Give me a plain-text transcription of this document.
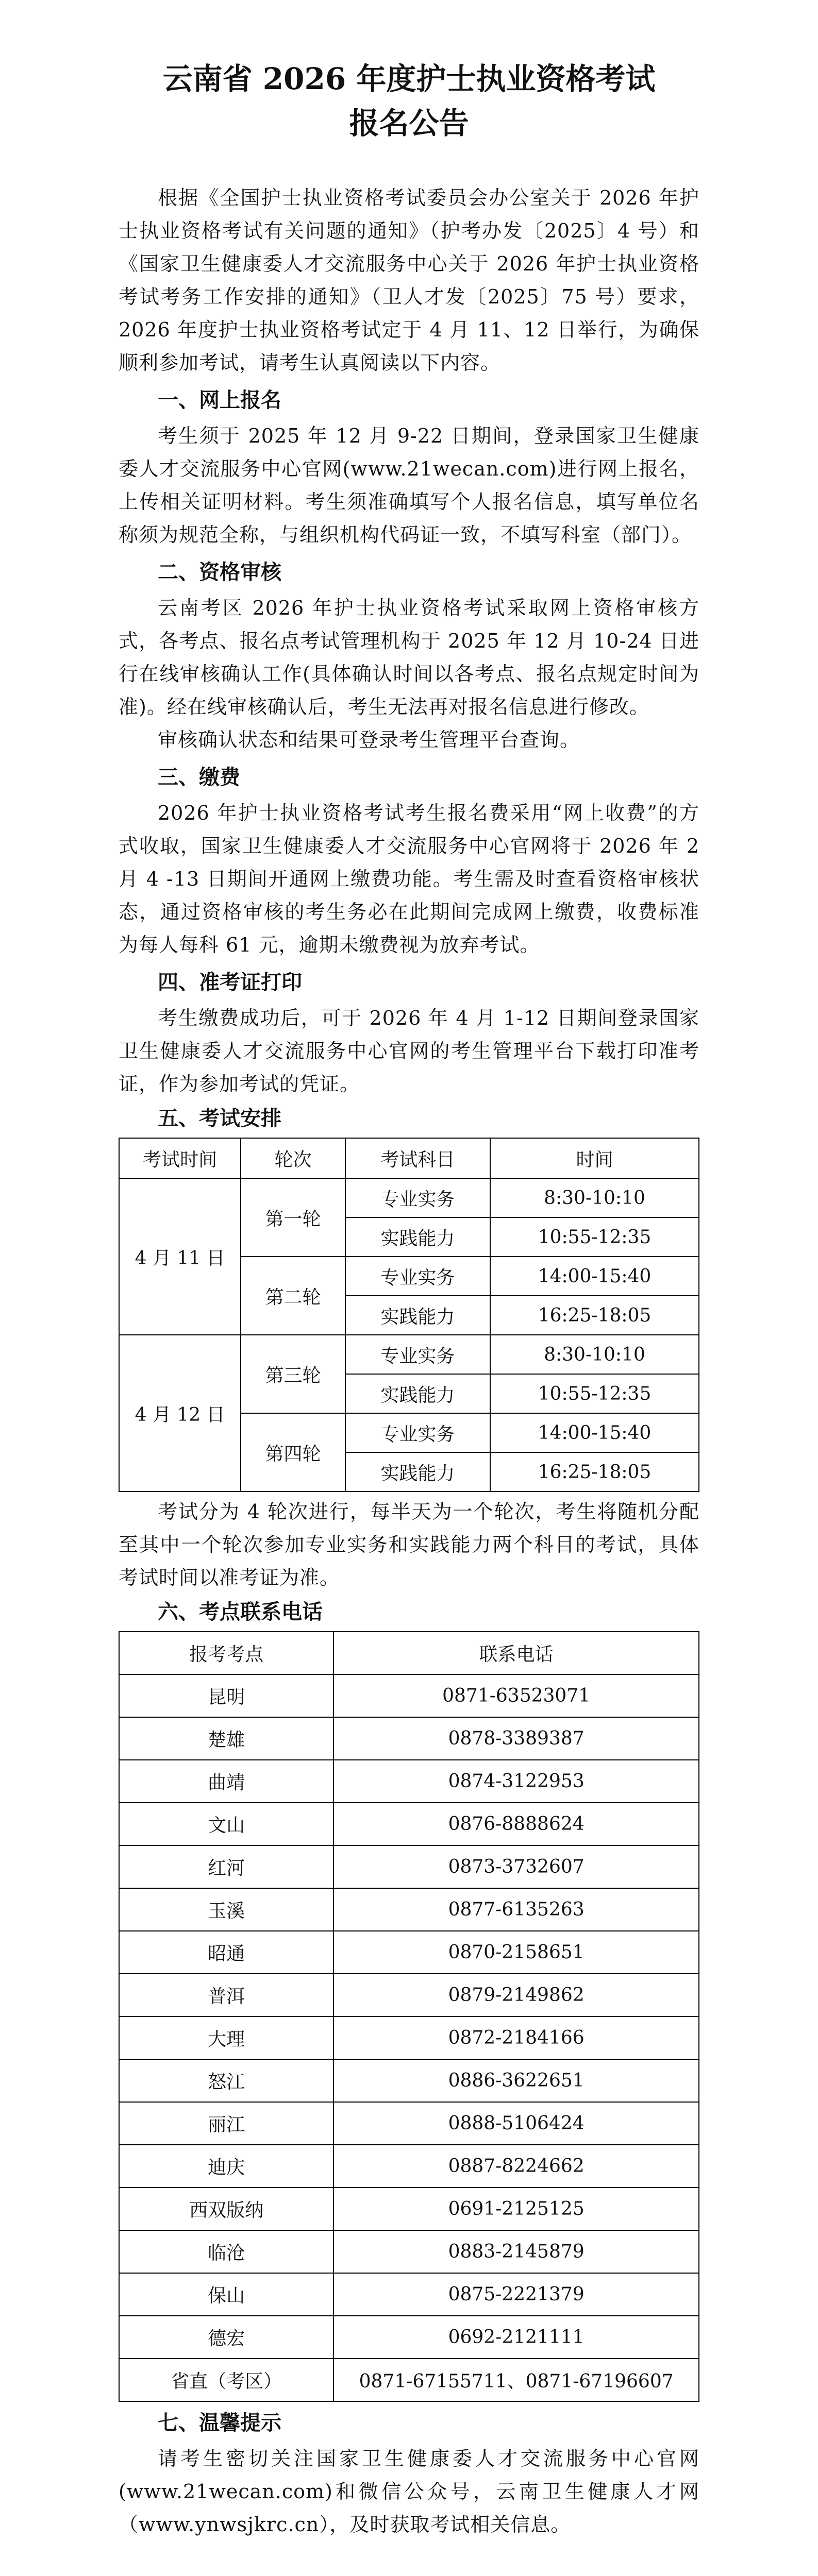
云南省 2026 年度护士执业资格考试
报名公告

根据《全国护士执业资格考试委员会办公室关于 2026 年护士执业资格考试有关问题的通知》（护考办发〔2025〕4 号）和《国家卫生健康委人才交流服务中心关于 2026 年护士执业资格考试考务工作安排的通知》（卫人才发〔2025〕75 号）要求，2026 年度护士执业资格考试定于 4 月 11、12 日举行，为确保顺利参加考试，请考生认真阅读以下内容。

一、网上报名

考生须于 2025 年 12 月 9-22 日期间，登录国家卫生健康委人才交流服务中心官网(www.21wecan.com)进行网上报名，上传相关证明材料。考生须准确填写个人报名信息，填写单位名称须为规范全称，与组织机构代码证一致，不填写科室（部门）。

二、资格审核

云南考区 2026 年护士执业资格考试采取网上资格审核方式，各考点、报名点考试管理机构于 2025 年 12 月 10-24 日进行在线审核确认工作(具体确认时间以各考点、报名点规定时间为准)。经在线审核确认后，考生无法再对报名信息进行修改。

审核确认状态和结果可登录考生管理平台查询。

三、缴费

2026 年护士执业资格考试考生报名费采用“网上收费”的方式收取，国家卫生健康委人才交流服务中心官网将于 2026 年 2 月 4 -13 日期间开通网上缴费功能。考生需及时查看资格审核状态，通过资格审核的考生务必在此期间完成网上缴费，收费标准为每人每科 61 元，逾期未缴费视为放弃考试。

四、准考证打印

考生缴费成功后，可于 2026 年 4 月 1-12 日期间登录国家卫生健康委人才交流服务中心官网的考生管理平台下载打印准考证，作为参加考试的凭证。

五、考试安排
考试时间	轮次	考试科目	时间
4 月 11 日	第一轮	专业实务	8:30-10:10
		实践能力	10:55-12:35
	第二轮	专业实务	14:00-15:40
		实践能力	16:25-18:05
4 月 12 日	第三轮	专业实务	8:30-10:10
		实践能力	10:55-12:35
	第四轮	专业实务	14:00-15:40
		实践能力	16:25-18:05

考试分为 4 轮次进行，每半天为一个轮次，考生将随机分配至其中一个轮次参加专业实务和实践能力两个科目的考试，具体考试时间以准考证为准。

六、考点联系电话
报考考点	联系电话
昆明	0871-63523071
楚雄	0878-3389387
曲靖	0874-3122953
文山	0876-8888624
红河	0873-3732607
玉溪	0877-6135263
昭通	0870-2158651
普洱	0879-2149862
大理	0872-2184166
怒江	0886-3622651
丽江	0888-5106424
迪庆	0887-8224662
西双版纳	0691-2125125
临沧	0883-2145879
保山	0875-2221379
德宏	0692-2121111
省直（考区）	0871-67155711、0871-67196607
七、温馨提示

请考生密切关注国家卫生健康委人才交流服务中心官网(www.21wecan.com)和微信公众号，云南卫生健康人才网（www.ynwsjkrc.cn），及时获取考试相关信息。
